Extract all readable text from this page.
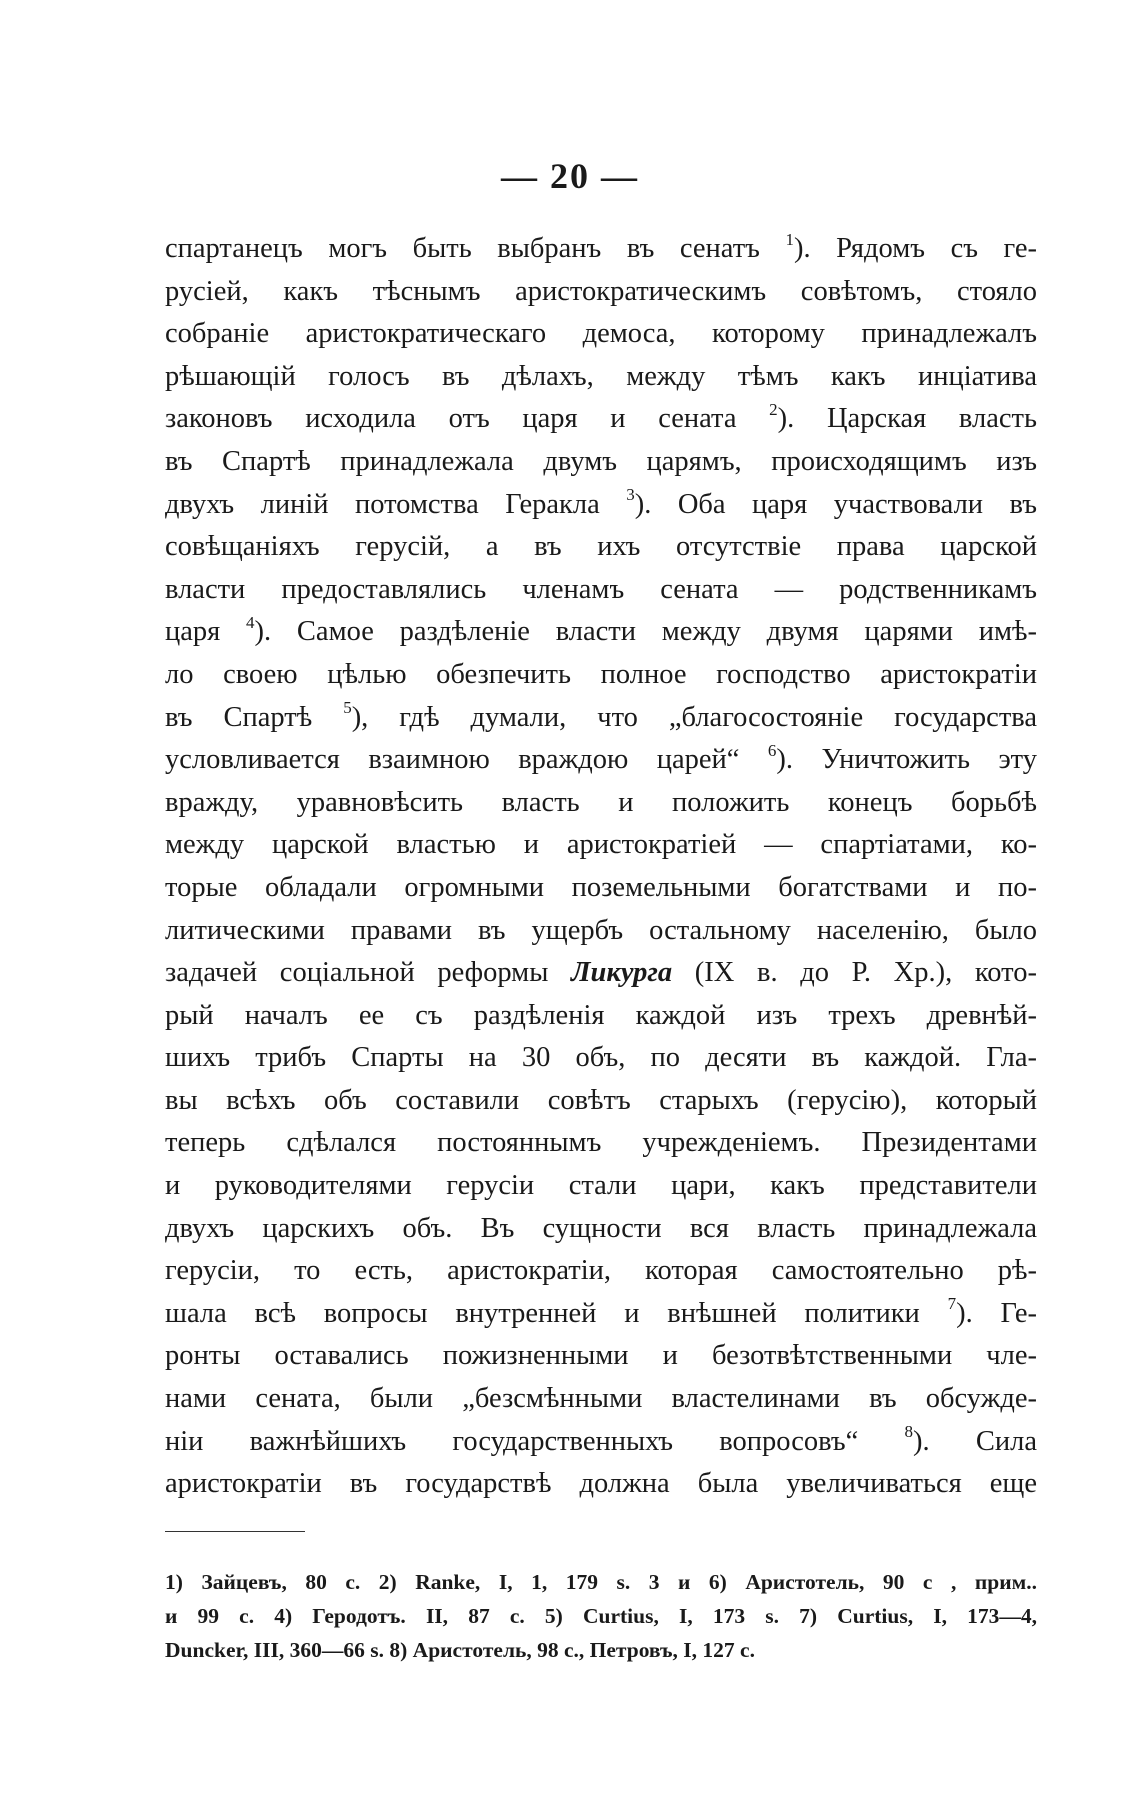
— 20 —
спартанецъ могъ быть выбранъ въ сенатъ $^1$). Рядомъ съ ге-
русіей, какъ тѣснымъ аристократическимъ совѣтомъ, стояло
собраніе аристократическаго демоса, которому принадлежалъ
рѣшающій голосъ въ дѣлахъ, между тѣмъ какъ инціатива
законовъ исходила отъ царя и сената $^2$). Царская власть
въ Спартѣ принадлежала двумъ царямъ, происходящимъ изъ
двухъ линій потомства Геракла $^3$). Оба царя участвовали въ
совѣщаніяхъ герусій, а въ ихъ отсутствіе права царской
власти предоставлялись членамъ сената — родственникамъ
царя $^4$). Самое раздѣленіе власти между двумя царями имѣ-
ло своею цѣлью обезпечить полное господство аристократіи
въ Спартѣ $^5$), гдѣ думали, что „благосостояніе государства
условливается взаимною враждою царей“ $^6$). Уничтожить эту
вражду, уравновѣсить власть и положить конецъ борьбѣ
между царской властью и аристократіей — спартіатами, ко-
торые обладали огромными поземельными богатствами и по-
литическими правами въ ущербъ остальному населенію, было
задачей соціальной реформы Ликурга (IX в. до Р. Хр.), кото-
рый началъ ее съ раздѣленія каждой изъ трехъ древнѣй-
шихъ трибъ Спарты на 30 объ, по десяти въ каждой. Гла-
вы всѣхъ объ составили совѣтъ старыхъ (герусію), который
теперь сдѣлался постояннымъ учрежденіемъ. Президентами
и руководителями герусіи стали цари, какъ представители
двухъ царскихъ объ. Въ сущности вся власть принадлежала
герусіи, то есть, аристократіи, которая самостоятельно рѣ-
шала всѣ вопросы внутренней и внѣшней политики $^7$). Ге-
ронты оставались пожизненными и безотвѣтственными чле-
нами сената, были „безсмѣнными властелинами въ обсужде-
ніи важнѣйшихъ государственныхъ вопросовъ“ $^8$). Сила
аристократіи въ государствѣ должна была увеличиваться еще
1) Зайцевъ, 80 с. 2) Ranke, I, 1, 179 s. 3 и 6) Аристотель, 90 с , прим..
и 99 с. 4) Геродотъ. II, 87 с. 5) Curtius, I, 173 s. 7) Curtius, I, 173—4,
Duncker, III, 360—66 s. 8) Аристотель, 98 с., Петровъ, I, 127 с.
